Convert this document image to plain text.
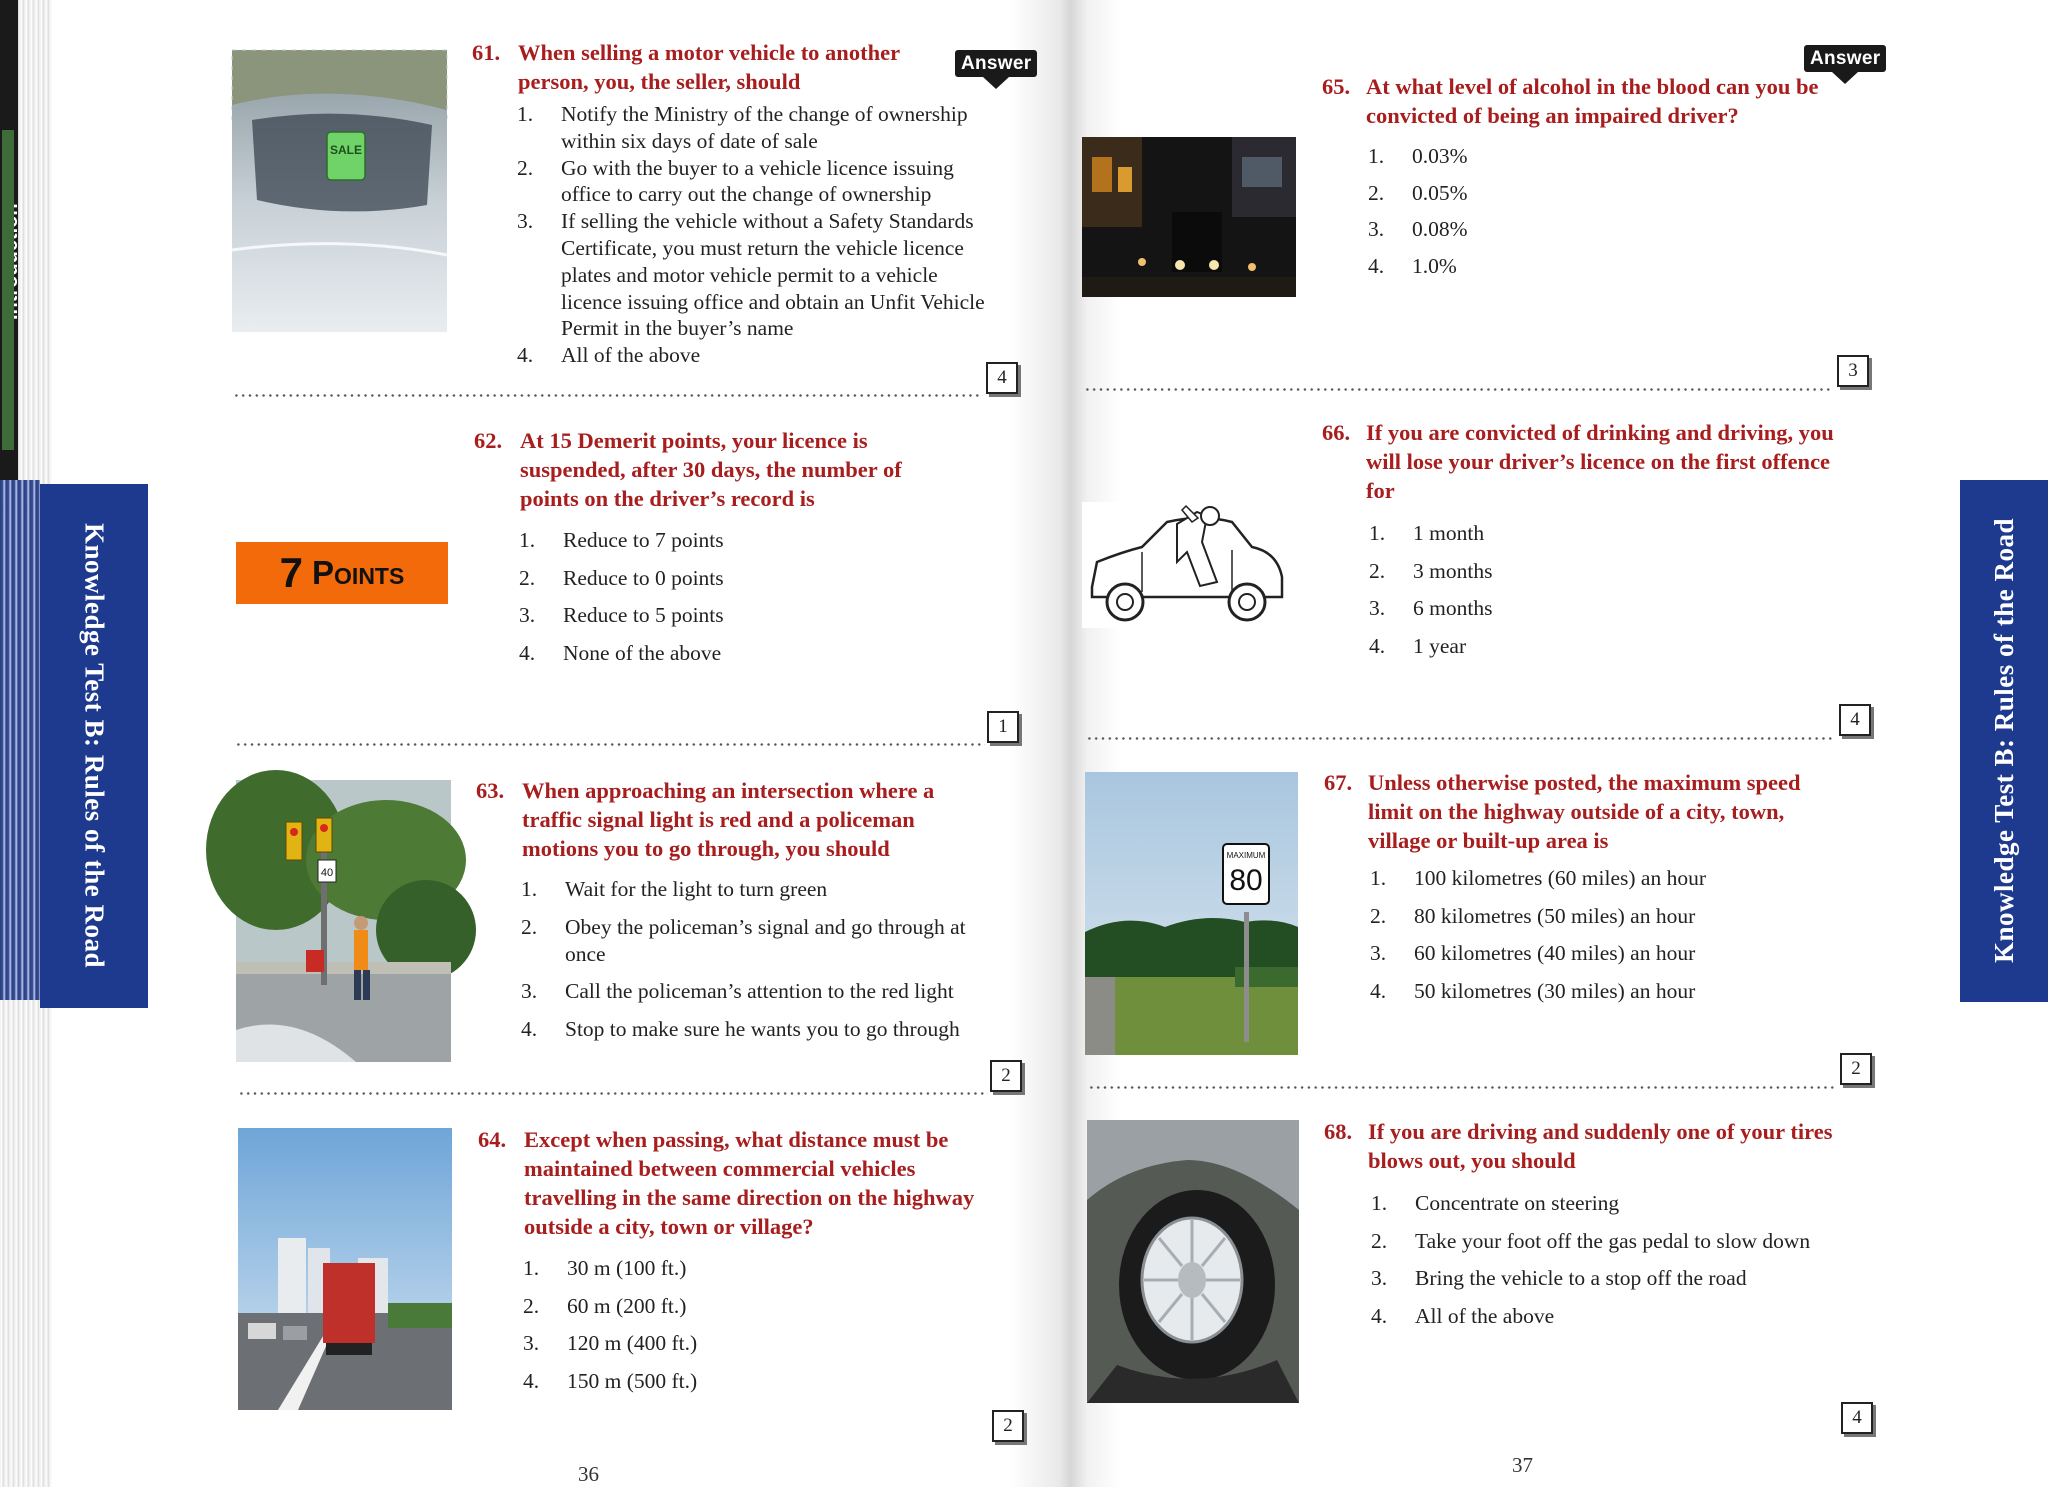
Knowledge Test B: Rules of the Road	Knowledge Test B: Rules of the Road
Answer	Answer
SALE
61. When selling a motor vehicle to another person, you, the seller, should
1. Notify the Ministry of the change of ownership within six days of date of sale
2. Go with the buyer to a vehicle licence issuing office to carry out the change of ownership
3. If selling the vehicle without a Safety Standards Certificate, you must return the vehicle licence plates and motor vehicle permit to a vehicle licence issuing office and obtain an Unfit Vehicle Permit in the buyer’s name
4. All of the above
4
7 Points
62. At 15 Demerit points, your licence is suspended, after 30 days, the number of points on the driver’s record is
1. Reduce to 7 points
2. Reduce to 0 points
3. Reduce to 5 points
4. None of the above
1
40
63. When approaching an intersection where a traffic signal light is red and a policeman motions you to go through, you should
1. Wait for the light to turn green
2. Obey the policeman’s signal and go through at once
3. Call the policeman’s attention to the red light
4. Stop to make sure he wants you to go through
2
64. Except when passing, what distance must be maintained between commercial vehicles travelling in the same direction on the highway outside a city, town or village?
1. 30 m (100 ft.)
2. 60 m (200 ft.)
3. 120 m (400 ft.)
4. 150 m (500 ft.)
2
36
65. At what level of alcohol in the blood can you be convicted of being an impaired driver?
1. 0.03%
2. 0.05%
3. 0.08%
4. 1.0%
3
66. If you are convicted of drinking and driving, you will lose your driver’s licence on the first offence for
1. 1 month
2. 3 months
3. 6 months
4. 1 year
4
MAXIMUM
80
67. Unless otherwise posted, the maximum speed limit on the highway outside of a city, town, village or built-up area is
1. 100 kilometres (60 miles) an hour
2. 80 kilometres (50 miles) an hour
3. 60 kilometres (40 miles) an hour
4. 50 kilometres (30 miles) an hour
2
68. If you are driving and suddenly one of your tires blows out, you should
1. Concentrate on steering
2. Take your foot off the gas pedal to slow down
3. Bring the vehicle to a stop off the road
4. All of the above
4
37
